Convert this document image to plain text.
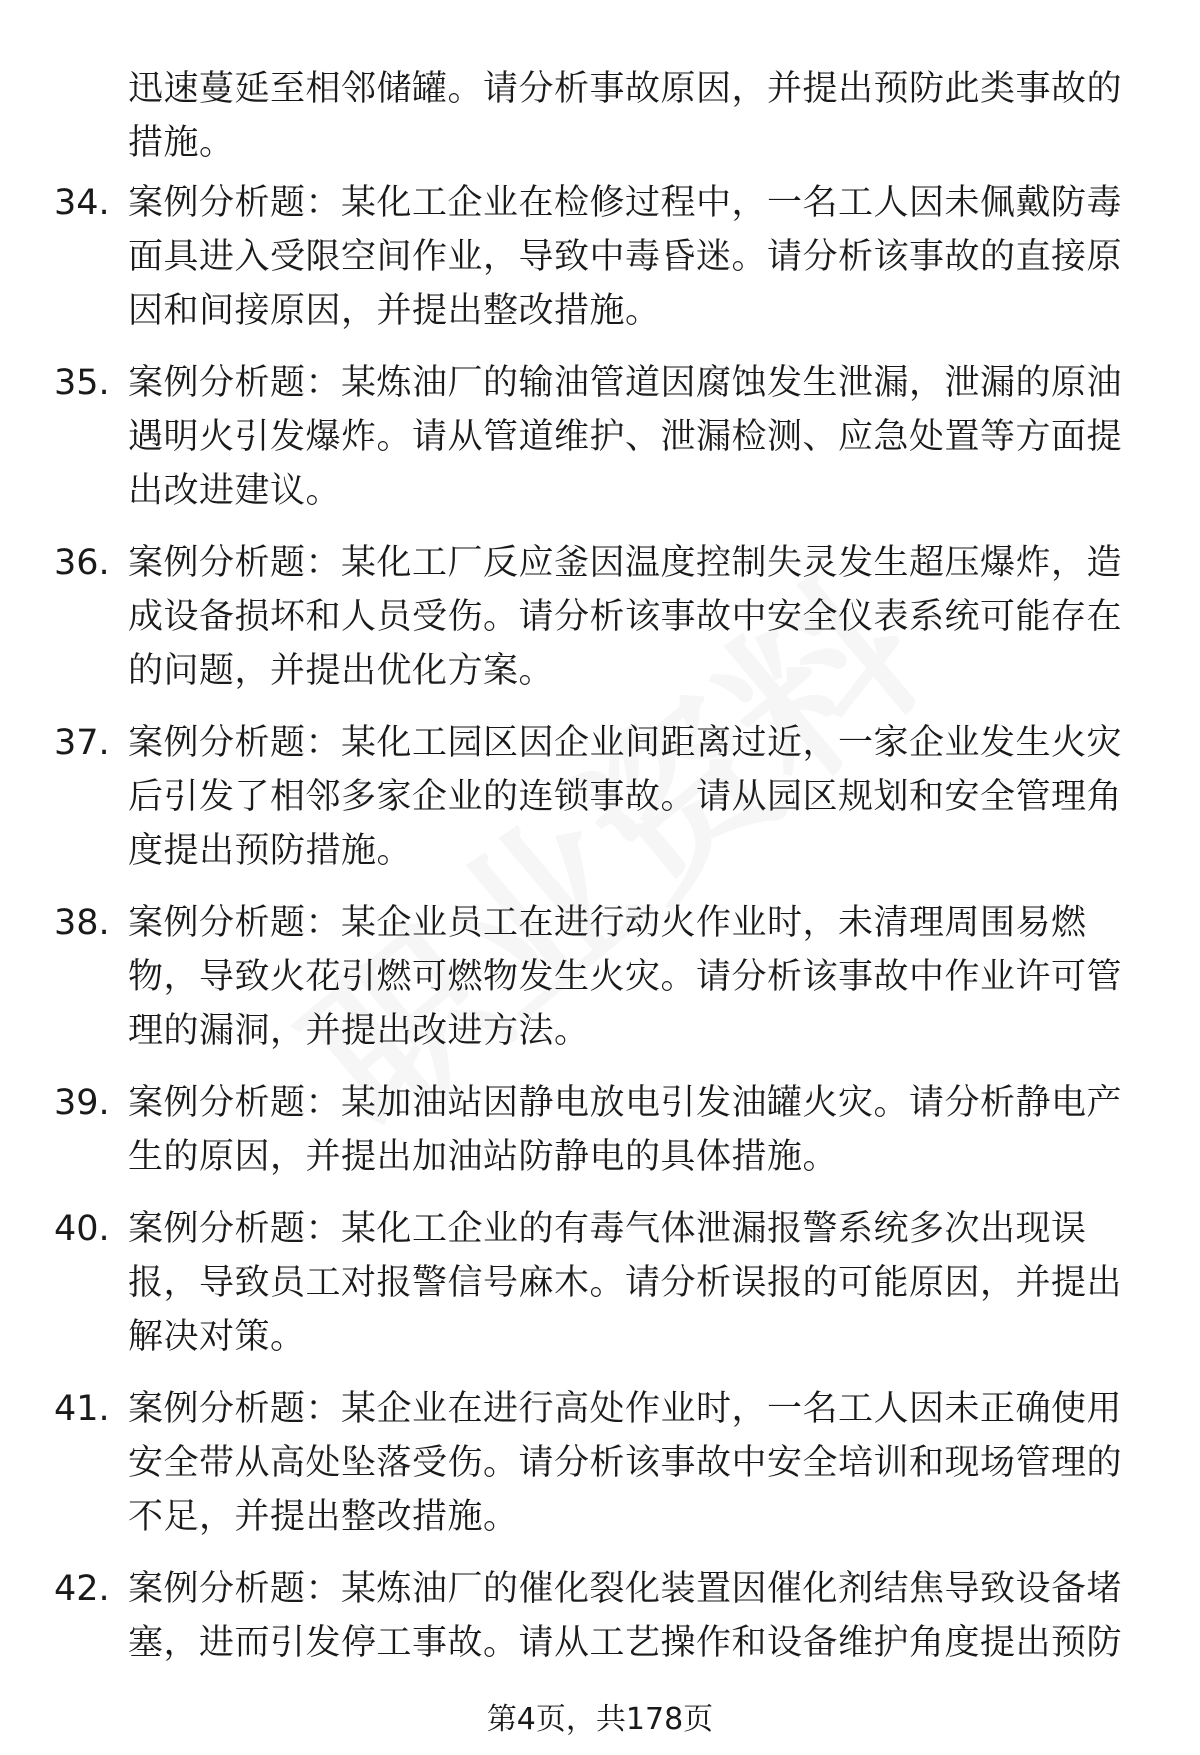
迅速蔓延至相邻储罐。请分析事故原因，并提出预防此类事故的措施。
34. 案例分析题：某化工企业在检修过程中，一名工人因未佩戴防毒面具进入受限空间作业，导致中毒昏迷。请分析该事故的直接原因和间接原因，并提出整改措施。
35. 案例分析题：某炼油厂的输油管道因腐蚀发生泄漏，泄漏的原油遇明火引发爆炸。请从管道维护、泄漏检测、应急处置等方面提出改进建议。
36. 案例分析题：某化工厂反应釜因温度控制失灵发生超压爆炸，造成设备损坏和人员受伤。请分析该事故中安全仪表系统可能存在的问题，并提出优化方案。
37. 案例分析题：某化工园区因企业间距离过近，一家企业发生火灾后引发了相邻多家企业的连锁事故。请从园区规划和安全管理角度提出预防措施。
38. 案例分析题：某企业员工在进行动火作业时，未清理周围易燃物，导致火花引燃可燃物发生火灾。请分析该事故中作业许可管理的漏洞，并提出改进方法。
39. 案例分析题：某加油站因静电放电引发油罐火灾。请分析静电产生的原因，并提出加油站防静电的具体措施。
40. 案例分析题：某化工企业的有毒气体泄漏报警系统多次出现误报，导致员工对报警信号麻木。请分析误报的可能原因，并提出解决对策。
41. 案例分析题：某企业在进行高处作业时，一名工人因未正确使用安全带从高处坠落受伤。请分析该事故中安全培训和现场管理的不足，并提出整改措施。
42. 案例分析题：某炼油厂的催化裂化装置因催化剂结焦导致设备堵塞，进而引发停工事故。请从工艺操作和设备维护角度提出预防
第4页，共178页
